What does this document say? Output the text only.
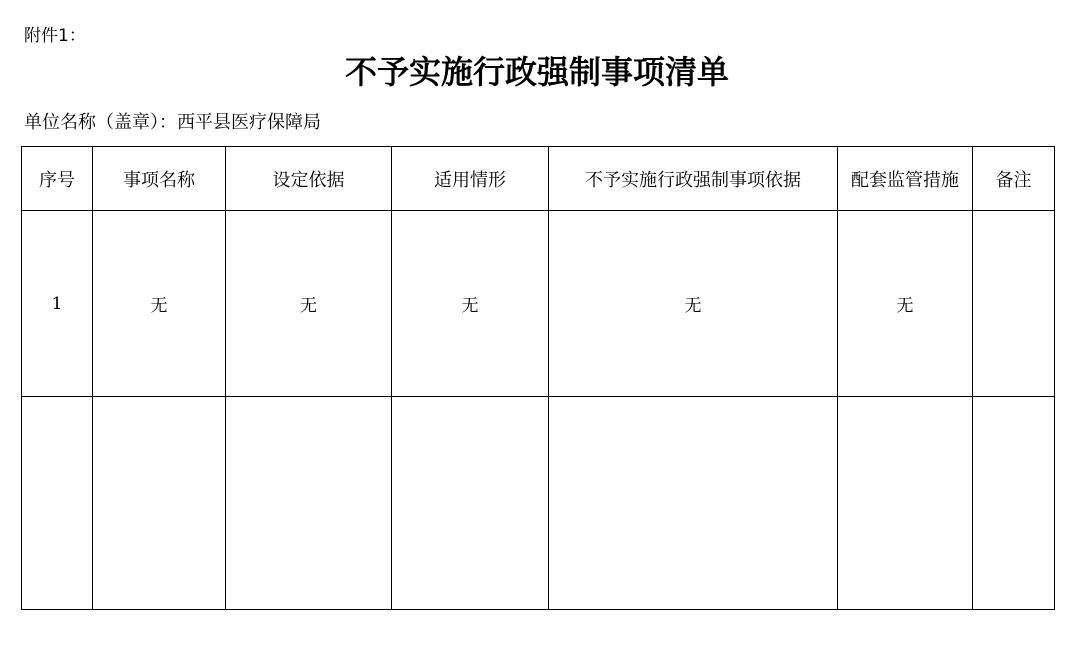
附件1：
不予实施行政强制事项清单
单位名称（盖章）：西平县医疗保障局
序号	事项名称	设定依据	适用情形	不予实施行政强制事项依据	配套监管措施	备注
1	无	无	无	无	无	
